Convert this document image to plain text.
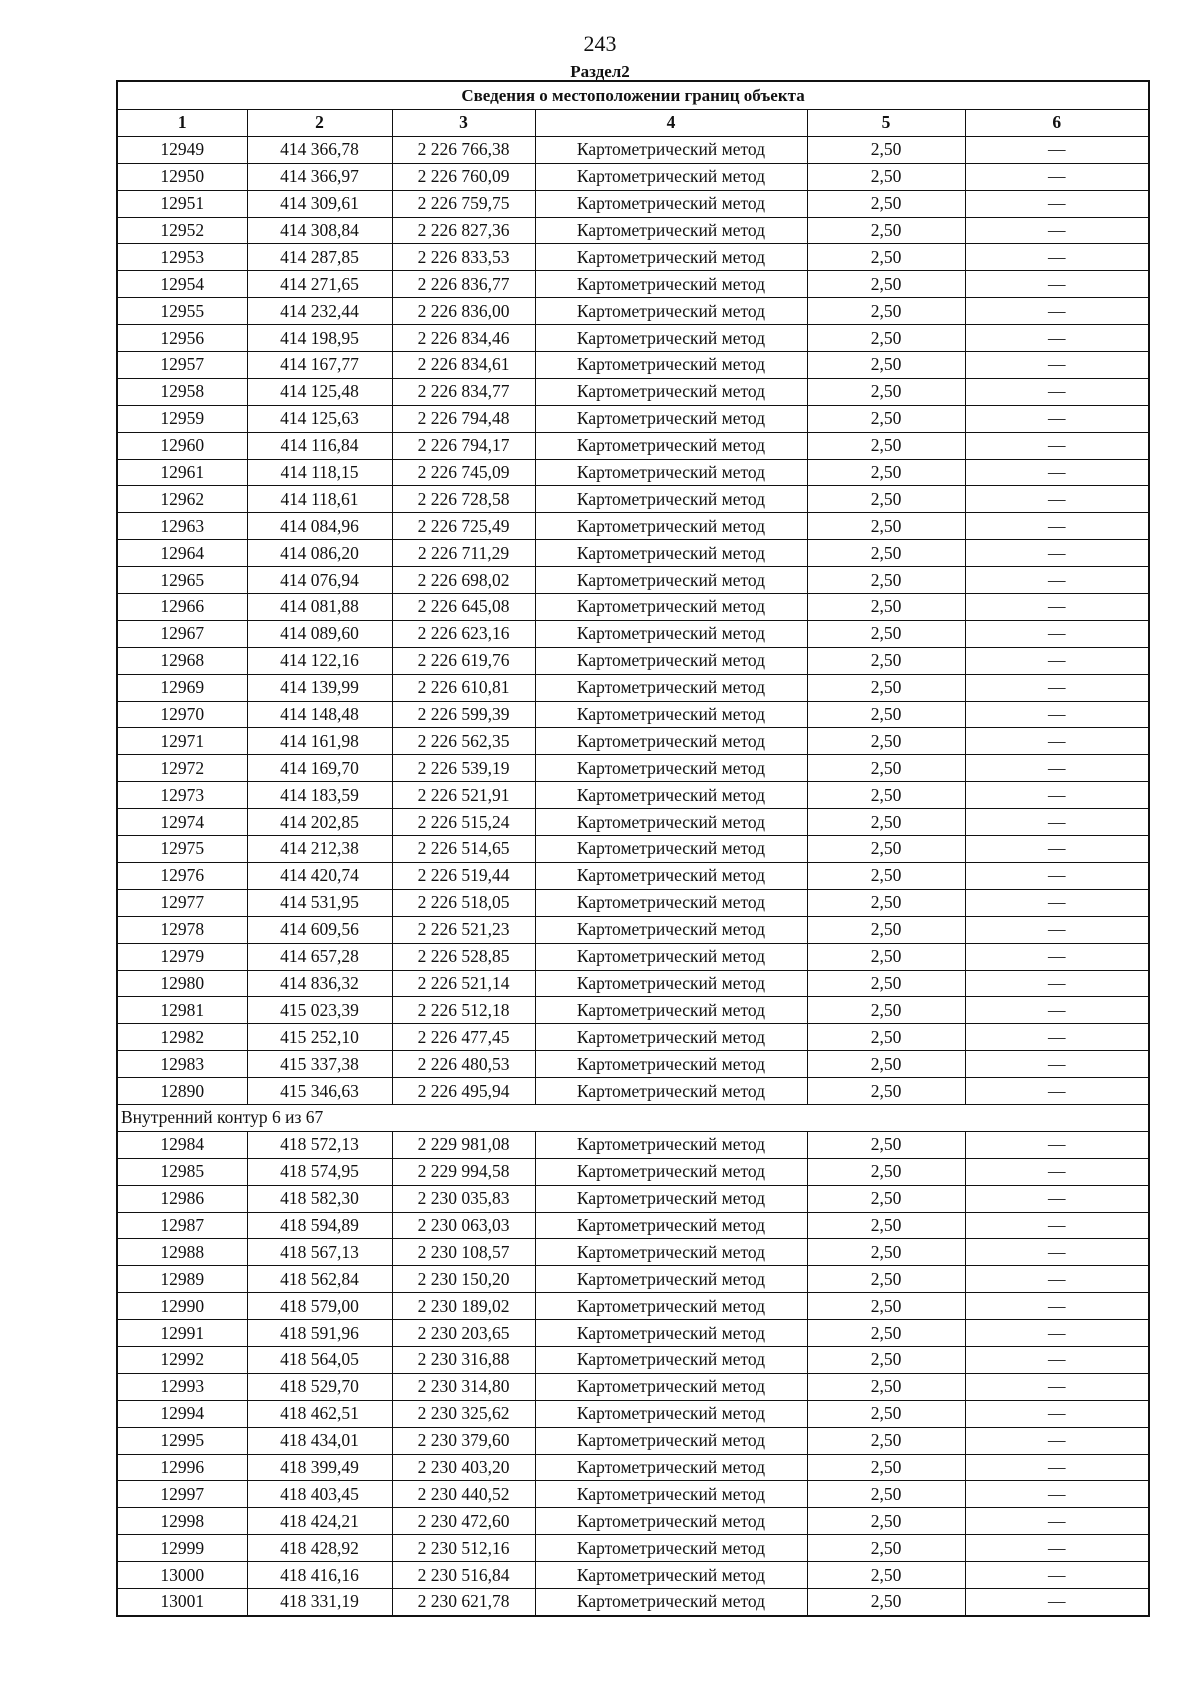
243
Раздел2
Сведения о местоположении границ объекта					
1	2	3	4	5	6
12949	414 366,78	2 226 766,38	Картометрический метод	2,50	—
12950	414 366,97	2 226 760,09	Картометрический метод	2,50	—
12951	414 309,61	2 226 759,75	Картометрический метод	2,50	—
12952	414 308,84	2 226 827,36	Картометрический метод	2,50	—
12953	414 287,85	2 226 833,53	Картометрический метод	2,50	—
12954	414 271,65	2 226 836,77	Картометрический метод	2,50	—
12955	414 232,44	2 226 836,00	Картометрический метод	2,50	—
12956	414 198,95	2 226 834,46	Картометрический метод	2,50	—
12957	414 167,77	2 226 834,61	Картометрический метод	2,50	—
12958	414 125,48	2 226 834,77	Картометрический метод	2,50	—
12959	414 125,63	2 226 794,48	Картометрический метод	2,50	—
12960	414 116,84	2 226 794,17	Картометрический метод	2,50	—
12961	414 118,15	2 226 745,09	Картометрический метод	2,50	—
12962	414 118,61	2 226 728,58	Картометрический метод	2,50	—
12963	414 084,96	2 226 725,49	Картометрический метод	2,50	—
12964	414 086,20	2 226 711,29	Картометрический метод	2,50	—
12965	414 076,94	2 226 698,02	Картометрический метод	2,50	—
12966	414 081,88	2 226 645,08	Картометрический метод	2,50	—
12967	414 089,60	2 226 623,16	Картометрический метод	2,50	—
12968	414 122,16	2 226 619,76	Картометрический метод	2,50	—
12969	414 139,99	2 226 610,81	Картометрический метод	2,50	—
12970	414 148,48	2 226 599,39	Картометрический метод	2,50	—
12971	414 161,98	2 226 562,35	Картометрический метод	2,50	—
12972	414 169,70	2 226 539,19	Картометрический метод	2,50	—
12973	414 183,59	2 226 521,91	Картометрический метод	2,50	—
12974	414 202,85	2 226 515,24	Картометрический метод	2,50	—
12975	414 212,38	2 226 514,65	Картометрический метод	2,50	—
12976	414 420,74	2 226 519,44	Картометрический метод	2,50	—
12977	414 531,95	2 226 518,05	Картометрический метод	2,50	—
12978	414 609,56	2 226 521,23	Картометрический метод	2,50	—
12979	414 657,28	2 226 528,85	Картометрический метод	2,50	—
12980	414 836,32	2 226 521,14	Картометрический метод	2,50	—
12981	415 023,39	2 226 512,18	Картометрический метод	2,50	—
12982	415 252,10	2 226 477,45	Картометрический метод	2,50	—
12983	415 337,38	2 226 480,53	Картометрический метод	2,50	—
12890	415 346,63	2 226 495,94	Картометрический метод	2,50	—
Внутренний контур 6 из 67					
12984	418 572,13	2 229 981,08	Картометрический метод	2,50	—
12985	418 574,95	2 229 994,58	Картометрический метод	2,50	—
12986	418 582,30	2 230 035,83	Картометрический метод	2,50	—
12987	418 594,89	2 230 063,03	Картометрический метод	2,50	—
12988	418 567,13	2 230 108,57	Картометрический метод	2,50	—
12989	418 562,84	2 230 150,20	Картометрический метод	2,50	—
12990	418 579,00	2 230 189,02	Картометрический метод	2,50	—
12991	418 591,96	2 230 203,65	Картометрический метод	2,50	—
12992	418 564,05	2 230 316,88	Картометрический метод	2,50	—
12993	418 529,70	2 230 314,80	Картометрический метод	2,50	—
12994	418 462,51	2 230 325,62	Картометрический метод	2,50	—
12995	418 434,01	2 230 379,60	Картометрический метод	2,50	—
12996	418 399,49	2 230 403,20	Картометрический метод	2,50	—
12997	418 403,45	2 230 440,52	Картометрический метод	2,50	—
12998	418 424,21	2 230 472,60	Картометрический метод	2,50	—
12999	418 428,92	2 230 512,16	Картометрический метод	2,50	—
13000	418 416,16	2 230 516,84	Картометрический метод	2,50	—
13001	418 331,19	2 230 621,78	Картометрический метод	2,50	—
